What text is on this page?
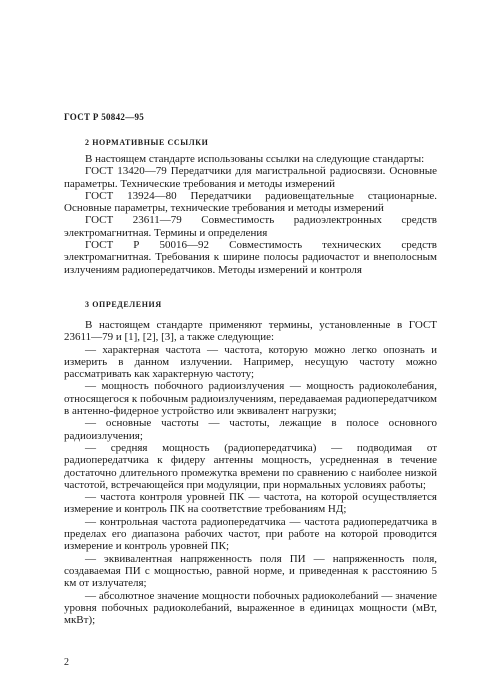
ГОСТ Р 50842—95
2 НОРМАТИВНЫЕ ССЫЛКИ

В настоящем стандарте использованы ссылки на следующие стандарты:

ГОСТ 13420—79 Передатчики для магистральной радиосвязи. Основные параметры. Технические требования и методы измерений

ГОСТ 13924—80 Передатчики радиовещательные стационарные. Основные параметры, технические требования и методы измерений

ГОСТ 23611—79 Совместимость радиоэлектронных средств электромагнитная. Термины и определения

ГОСТ Р 50016—92 Совместимость технических средств электромагнитная. Требования к ширине полосы радиочастот и внеполосным излучениям радиопередатчиков. Методы измерений и контроля

3 ОПРЕДЕЛЕНИЯ

В настоящем стандарте применяют термины, установленные в ГОСТ 23611—79 и [1], [2], [3], а также следующие:

— характерная частота — частота, которую можно легко опознать и измерить в данном излучении. Например, несущую частоту можно рассматривать как характерную частоту;

— мощность побочного радиоизлучения — мощность радиоколебания, относящегося к побочным радиоизлучениям, передаваемая радиопередатчиком в антенно-фидерное устройство или эквивалент нагрузки;

— основные частоты — частоты, лежащие в полосе основного радиоизлучения;

— средняя мощность (радиопередатчика) — подводимая от радиопередатчика к фидеру антенны мощность, усредненная в течение достаточно длительного промежутка времени по сравнению с наиболее низкой частотой, встречающейся при модуляции, при нормальных условиях работы;

— частота контроля уровней ПК — частота, на которой осуществляется измерение и контроль ПК на соответствие требованиям НД;

— контрольная частота радиопередатчика — частота радиопередатчика в пределах его диапазона рабочих частот, при работе на которой проводится измерение и контроль уровней ПК;

— эквивалентная напряженность поля ПИ — напряженность поля, создаваемая ПИ с мощностью, равной норме, и приведенная к расстоянию 5 км от излучателя;

— абсолютное значение мощности побочных радиоколебаний — значение уровня побочных радиоколебаний, выраженное в единицах мощности (мВт, мкВт);

2
